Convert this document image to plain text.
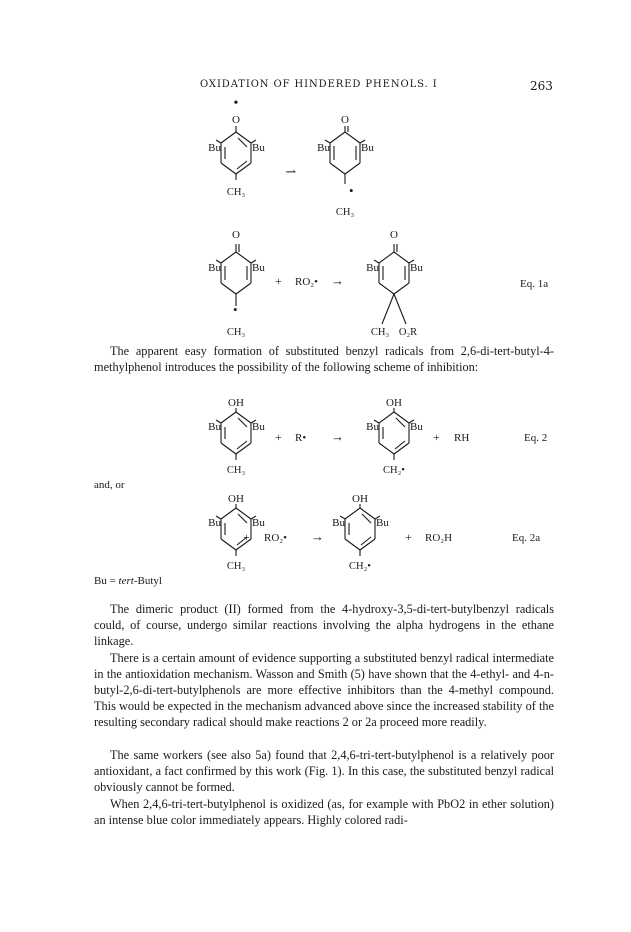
OXIDATION OF HINDERED PHENOLS. I	263
•
O
Bu	Bu
CH₃
⇀
O
Bu	Bu
•
CH₃
O
Bu	Bu
•
CH₃
+ RO₂• →
O
Bu	Bu
CH₃ O₂R
Eq. 1a
OH
Bu	Bu
CH₃
+ R• →
OH
Bu	Bu
CH₂•
+ RH	Eq. 2
OH
Bu	Bu
CH₃
+ RO₂• →
OH
Bu	Bu
CH₂•
+ RO₂H	Eq. 2a
and, or
Bu = tert-Butyl

The apparent easy formation of substituted benzyl radicals from 2,6-di-tert-butyl-4-methylphenol introduces the possibility of the following scheme of inhibition:

The dimeric product (II) formed from the 4-hydroxy-3,5-di-tert-butylbenzyl radicals could, of course, undergo similar reactions involving the alpha hydrogens in the ethane linkage.

There is a certain amount of evidence supporting a substituted benzyl radical intermediate in the antioxidation mechanism. Wasson and Smith (5) have shown that the 4-ethyl- and 4-n-butyl-2,6-di-tert-butylphenols are more effective inhibitors than the 4-methyl compound. This would be expected in the mechanism advanced above since the increased stability of the resulting secondary radical should make reactions 2 or 2a proceed more readily.

The same workers (see also 5a) found that 2,4,6-tri-tert-butylphenol is a relatively poor antioxidant, a fact confirmed by this work (Fig. 1). In this case, the substituted benzyl radical obviously cannot be formed.

When 2,4,6-tri-tert-butylphenol is oxidized (as, for example with PbO2 in ether solution) an intense blue color immediately appears. Highly colored radi-
